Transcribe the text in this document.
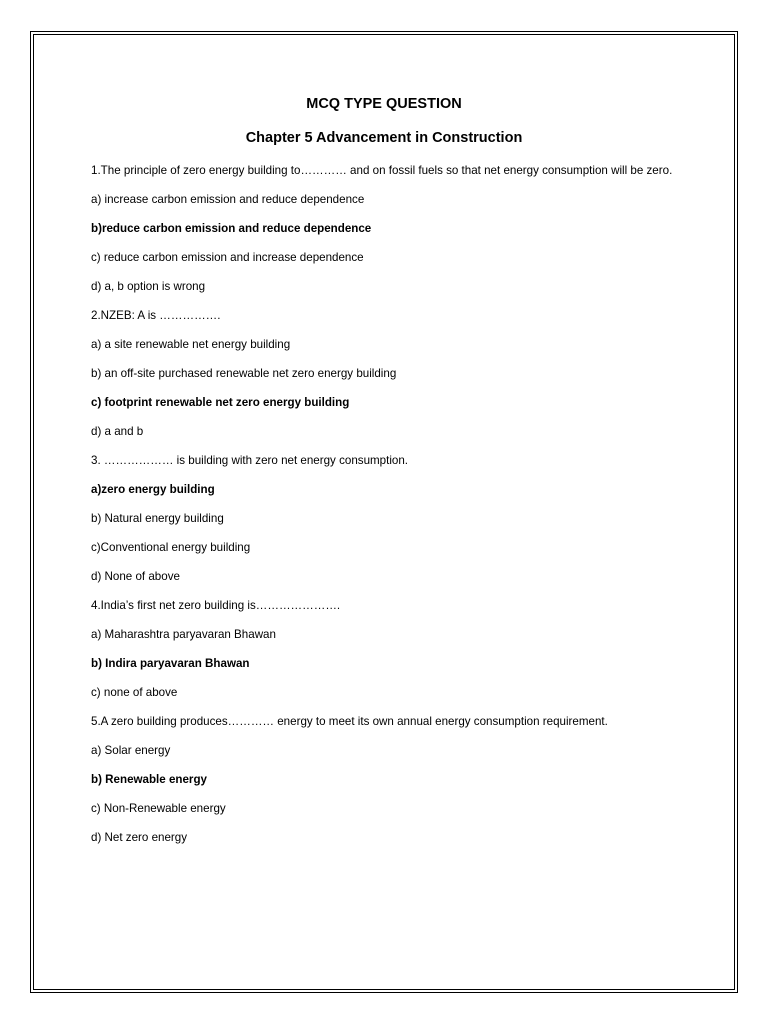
MCQ TYPE QUESTION
Chapter 5 Advancement in Construction

1.The principle of zero energy building to………… and on fossil fuels so that net energy consumption will be zero.

a) increase carbon emission and reduce dependence

b)reduce carbon emission and reduce dependence

c) reduce carbon emission and increase dependence

d) a, b option is wrong

2.NZEB: A is …………….

a) a site renewable net energy building

b) an off-site purchased renewable net zero energy building

c) footprint renewable net zero energy building

d) a and b

3. ……………… is building with zero net energy consumption.

a)zero energy building

b) Natural energy building

c)Conventional energy building

d) None of above

4.India’s first net zero building is………………….

a) Maharashtra paryavaran Bhawan

b) Indira paryavaran Bhawan

c) none of above

5.A zero building produces………… energy to meet its own annual energy consumption requirement.

a) Solar energy

b) Renewable energy

c) Non-Renewable energy

d) Net zero energy
